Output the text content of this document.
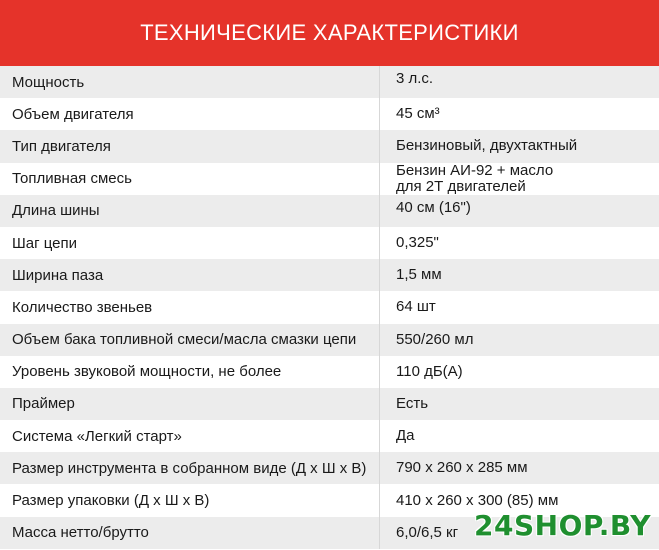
ТЕХНИЧЕСКИЕ ХАРАКТЕРИСТИКИ
Мощность	3 л.с.
Объем двигателя	45 см³
Тип двигателя	Бензиновый, двухтактный
Топливная смесь	Бензин АИ-92 + масло
для 2Т двигателей
Длина шины	40 см (16")
Шаг цепи	0,325"
Ширина паза	1,5 мм
Количество звеньев	64 шт
Объем бака топливной смеси/масла смазки цепи	550/260 мл
Уровень звуковой мощности, не более	110 дБ(А)
Праймер	Есть
Система «Легкий старт»	Да
Размер инструмента в собранном виде (Д х Ш х В)	790 х 260 х 285 мм
Размер упаковки (Д х Ш х В)	410 х 260 х 300 (85) мм
Масса нетто/брутто	6,0/6,5 кг 24SHOP.BY
